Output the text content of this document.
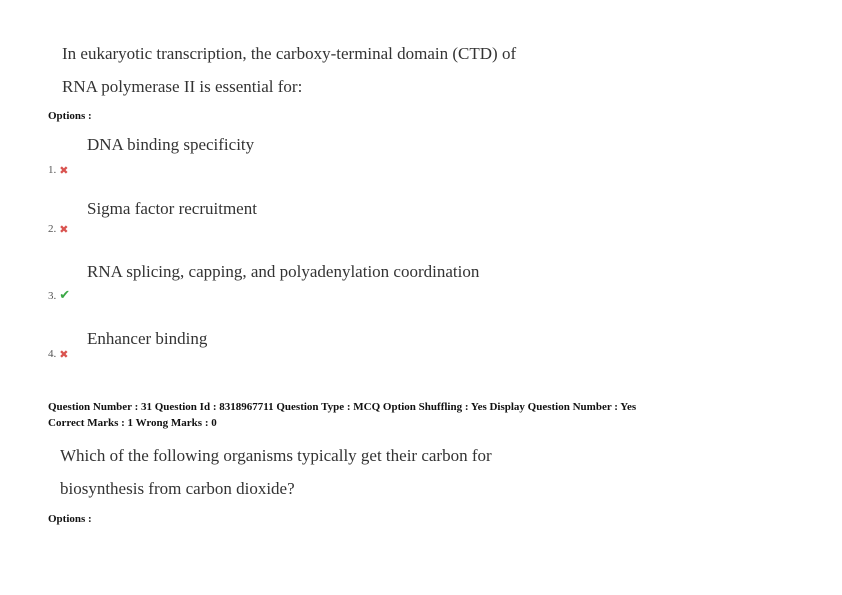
In eukaryotic transcription, the carboxy-terminal domain (CTD) of
RNA polymerase II is essential for:
Options :
DNA binding specificity
1. ✖
Sigma factor recruitment
2. ✖
RNA splicing, capping, and polyadenylation coordination
3. ✔
Enhancer binding
4. ✖
Question Number : 31 Question Id : 8318967711 Question Type : MCQ Option Shuffling : Yes Display Question Number : Yes
Correct Marks : 1 Wrong Marks : 0
Which of the following organisms typically get their carbon for
biosynthesis from carbon dioxide?
Options :
